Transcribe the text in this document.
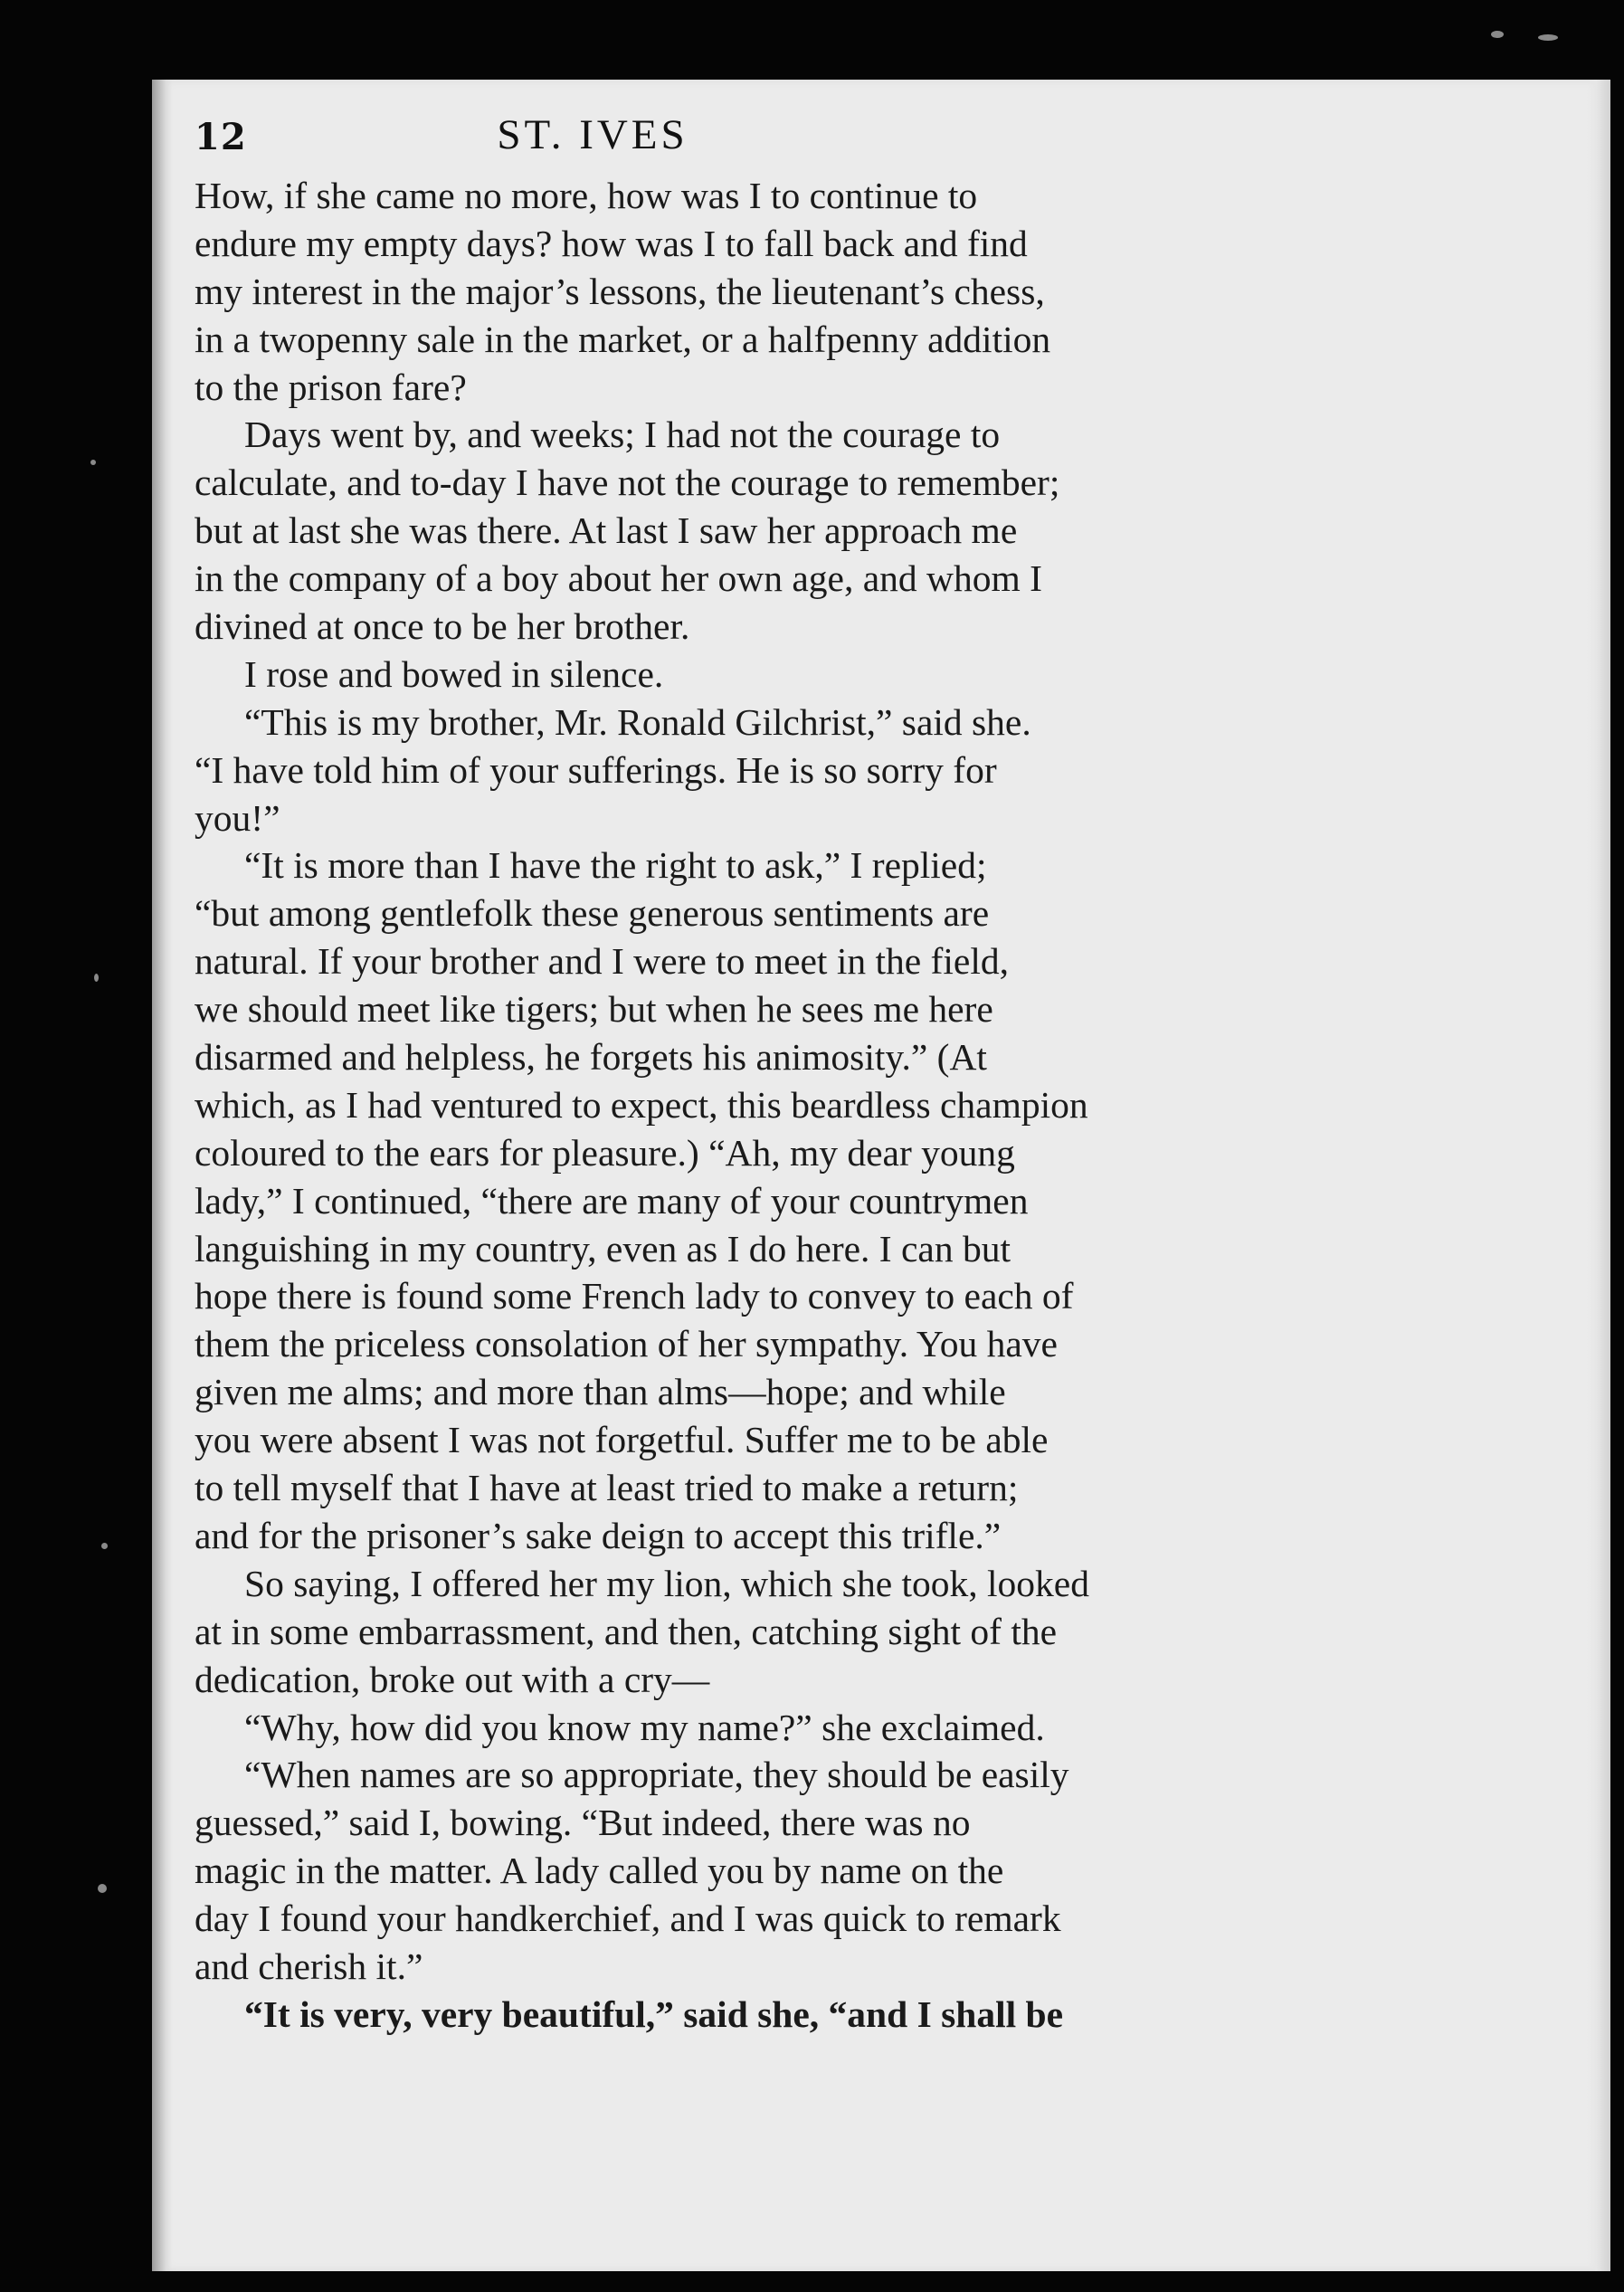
12	ST. IVES
How, if she came no more, how was I to continue to
endure my empty days? how was I to fall back and find
my interest in the major’s lessons, the lieutenant’s chess,
in a twopenny sale in the market, or a halfpenny addition
to the prison fare?
Days went by, and weeks; I had not the courage to
calculate, and to-day I have not the courage to remember;
but at last she was there. At last I saw her approach me
in the company of a boy about her own age, and whom I
divined at once to be her brother.
I rose and bowed in silence.
“This is my brother, Mr. Ronald Gilchrist,” said she.
“I have told him of your sufferings. He is so sorry for
you!”
“It is more than I have the right to ask,” I replied;
“but among gentlefolk these generous sentiments are
natural. If your brother and I were to meet in the field,
we should meet like tigers; but when he sees me here
disarmed and helpless, he forgets his animosity.” (At
which, as I had ventured to expect, this beardless champion
coloured to the ears for pleasure.) “Ah, my dear young
lady,” I continued, “there are many of your countrymen
languishing in my country, even as I do here. I can but
hope there is found some French lady to convey to each of
them the priceless consolation of her sympathy. You have
given me alms; and more than alms—hope; and while
you were absent I was not forgetful. Suffer me to be able
to tell myself that I have at least tried to make a return;
and for the prisoner’s sake deign to accept this trifle.”
So saying, I offered her my lion, which she took, looked
at in some embarrassment, and then, catching sight of the
dedication, broke out with a cry—
“Why, how did you know my name?” she exclaimed.
“When names are so appropriate, they should be easily
guessed,” said I, bowing. “But indeed, there was no
magic in the matter. A lady called you by name on the
day I found your handkerchief, and I was quick to remark
and cherish it.”
“It is very, very beautiful,” said she, “and I shall be
